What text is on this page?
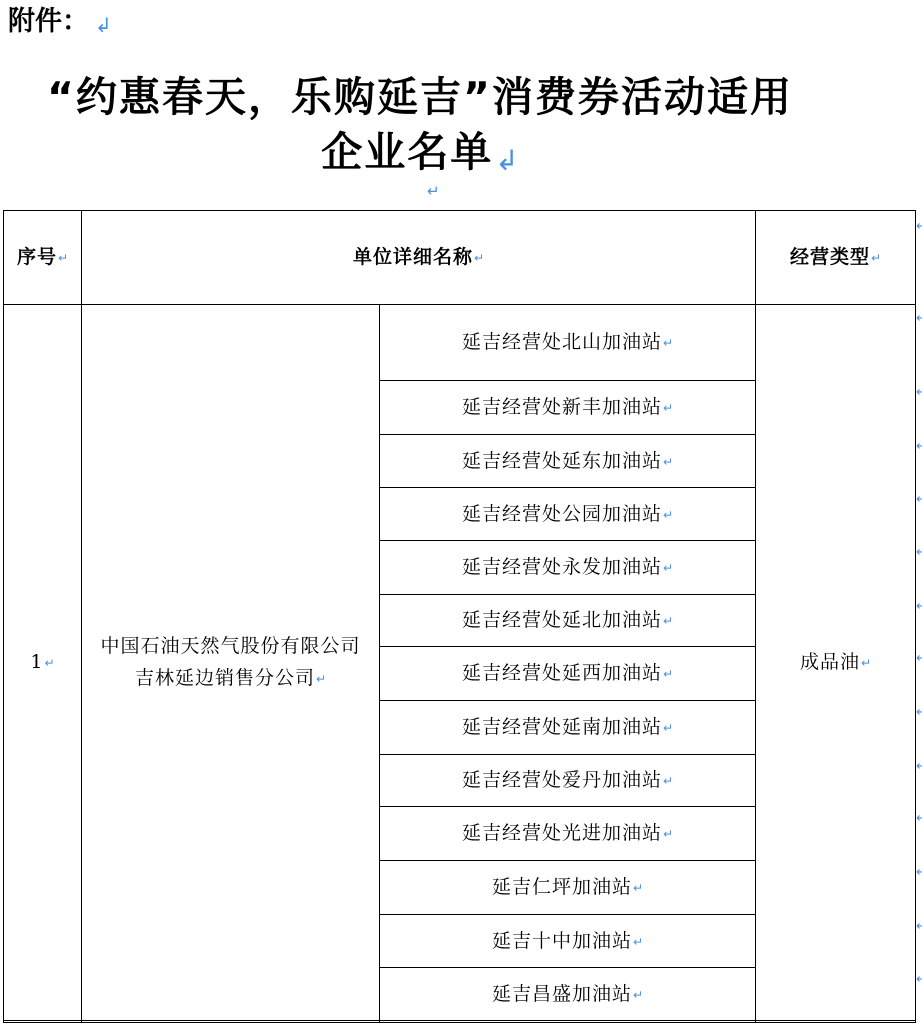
附件：↲
“约惠春天，乐购延吉”消费券活动适用
企业名单↲
↵
序号↵	单位详细名称↵		经营类型↵
1↵	中国石油天然气股份有限公司
吉林延边销售分公司↵	延吉经营处北山加油站↵	成品油↵
		延吉经营处新丰加油站↵
		延吉经营处延东加油站↵
		延吉经营处公园加油站↵
		延吉经营处永发加油站↵
		延吉经营处延北加油站↵
		延吉经营处延西加油站↵
		延吉经营处延南加油站↵
		延吉经营处爱丹加油站↵
		延吉经营处光进加油站↵
		延吉仁坪加油站↵
		延吉十中加油站↵
		延吉昌盛加油站↵

↵
↵
↵
↵
↵
↵
↵
↵
↵
↵
↵
↵
↵
↵
